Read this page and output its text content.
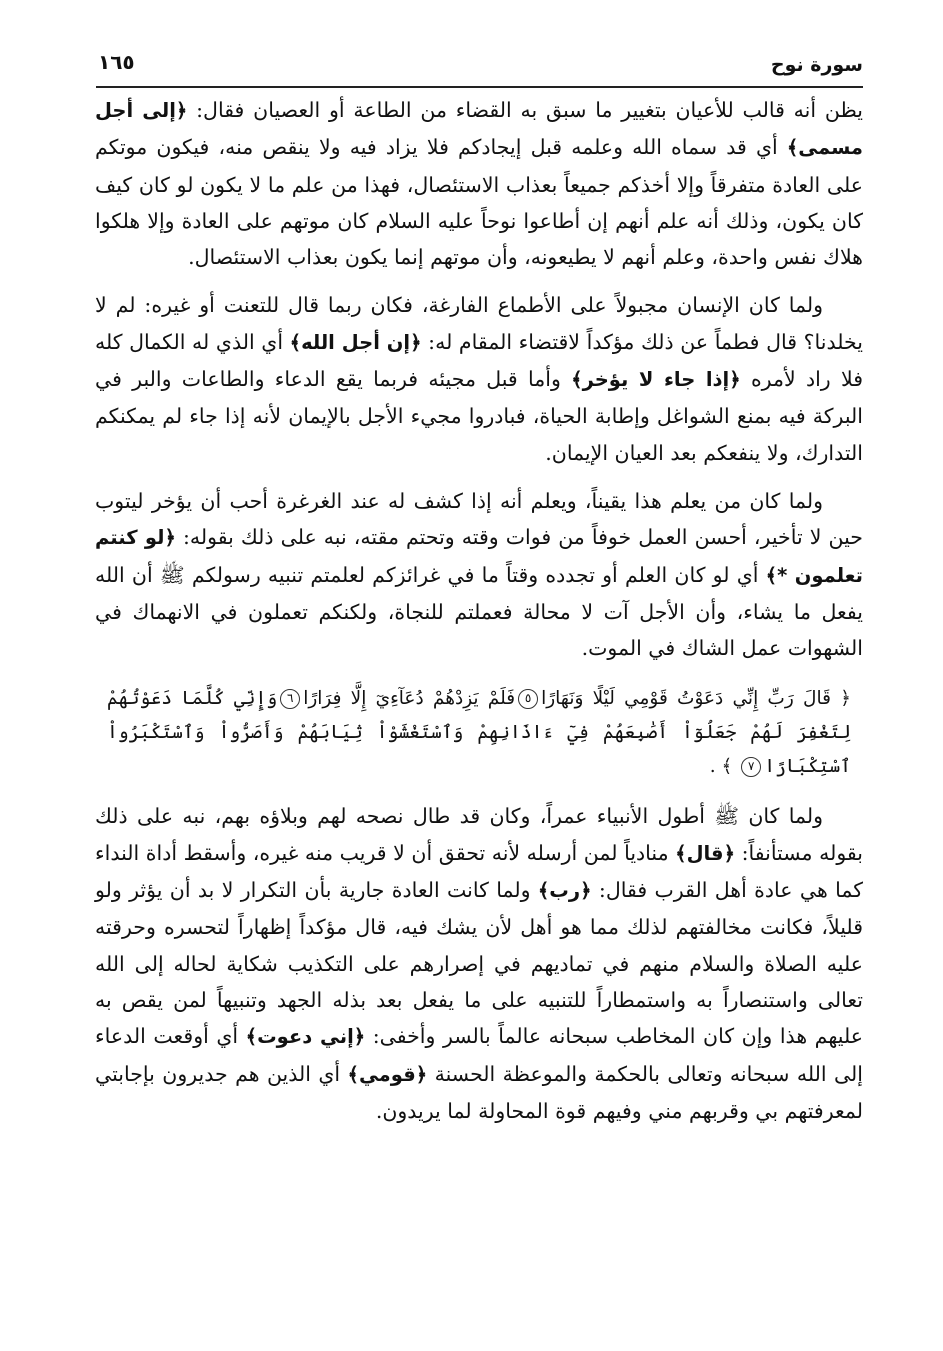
سورة نوح
١٦٥

يظن أنه قالب للأعيان بتغيير ما سبق به القضاء من الطاعة أو العصيان فقال: ﴿إلى أجل مسمى﴾ أي قد سماه الله وعلمه قبل إيجادكم فلا يزاد فيه ولا ينقص منه، فيكون موتكم على العادة متفرقاً وإلا أخذكم جميعاً بعذاب الاستئصال، فهذا من علم ما لا يكون لو كان كيف كان يكون، وذلك أنه علم أنهم إن أطاعوا نوحاً عليه السلام كان موتهم على العادة وإلا هلكوا هلاك نفس واحدة، وعلم أنهم لا يطيعونه، وأن موتهم إنما يكون بعذاب الاستئصال.

ولما كان الإنسان مجبولاً على الأطماع الفارغة، فكان ربما قال للتعنت أو غيره: لم لا يخلدنا؟ قال فطماً عن ذلك مؤكداً لاقتضاء المقام له: ﴿إن أجل الله﴾ أي الذي له الكمال كله فلا راد لأمره ﴿إذا جاء لا يؤخر﴾ وأما قبل مجيئه فربما يقع الدعاء والطاعات والبر في البركة فيه بمنع الشواغل وإطابة الحياة، فبادروا مجيء الأجل بالإيمان لأنه إذا جاء لم يمكنكم التدارك، ولا ينفعكم بعد العيان الإيمان.

ولما كان من يعلم هذا يقيناً، ويعلم أنه إذا كشف له عند الغرغرة أحب أن يؤخر ليتوب حين لا تأخير، أحسن العمل خوفاً من فوات وقته وتحتم مقته، نبه على ذلك بقوله: ﴿لو كنتم تعلمون *﴾ أي لو كان العلم أو تجدده وقتاً ما في غرائزكم لعلمتم تنبيه رسولكم ﷺ أن الله يفعل ما يشاء، وأن الأجل آت لا محالة فعملتم للنجاة، ولكنكم تعملون في الانهماك في الشهوات عمل الشاك في الموت.

﴿ قَالَ رَبِّ إِنِّي دَعَوْتُ قَوْمِي لَيْلًا وَنَهَارًا٥فَلَمْ يَزِدْهُمْ دُعَآءِيٓ إِلَّا فِرَارًا٦وَإِنِّي كُلَّمَا دَعَوْتُهُمْ لِتَغْفِرَ لَهُمْ جَعَلُوٓاْ أَصَٰبِعَهُمْ فِيٓ ءَاذَانِهِمْ وَٱسْتَغْشَوْاْ ثِيَابَهُمْ وَأَصَرُّواْ وَٱسْتَكْبَرُواْ ٱسْتِكْبَارًا٧ ﴾ .

ولما كان ﷺ أطول الأنبياء عمراً، وكان قد طال نصحه لهم وبلاؤه بهم، نبه على ذلك بقوله مستأنفاً: ﴿قال﴾ منادياً لمن أرسله لأنه تحقق أن لا قريب منه غيره، وأسقط أداة النداء كما هي عادة أهل القرب فقال: ﴿رب﴾ ولما كانت العادة جارية بأن التكرار لا بد أن يؤثر ولو قليلاً، فكانت مخالفتهم لذلك مما هو أهل لأن يشك فيه، قال مؤكداً إظهاراً لتحسره وحرقته عليه الصلاة والسلام منهم في تماديهم في إصرارهم على التكذيب شكاية لحاله إلى الله تعالى واستنصاراً به واستمطاراً للتنبيه على ما يفعل بعد بذله الجهد وتنبيهاً لمن يقص به عليهم هذا وإن كان المخاطب سبحانه عالماً بالسر وأخفى: ﴿إني دعوت﴾ أي أوقعت الدعاء إلى الله سبحانه وتعالى بالحكمة والموعظة الحسنة ﴿قومي﴾ أي الذين هم جديرون بإجابتي لمعرفتهم بي وقربهم مني وفيهم قوة المحاولة لما يريدون.
